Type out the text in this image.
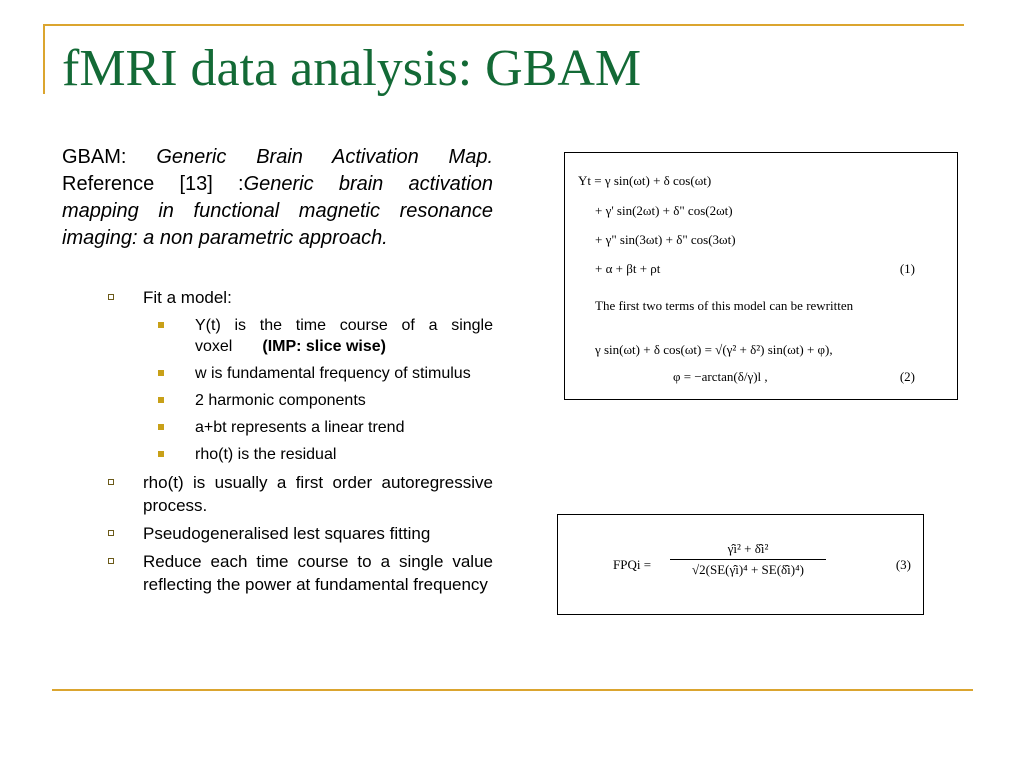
fMRI data analysis: GBAM
GBAM: Generic Brain Activation Map. Reference [13] :Generic brain activation mapping in functional magnetic resonance imaging: a non parametric approach.
Fit a model:
Y(t) is the time course of a single voxel (IMP: slice wise)
w is fundamental frequency of stimulus
2 harmonic components
a+bt represents a linear trend
rho(t) is the residual
rho(t) is usually a first order autoregressive process.
Pseudogeneralised lest squares fitting
Reduce each time course to a single value reflecting the power at fundamental frequency
Yt = γ sin(ωt) + δ cos(ωt)
+ γ' sin(2ωt) + δ" cos(2ωt)
+ γ" sin(3ωt) + δ" cos(3ωt)
+ α + βt + ρt	(1)
The first two terms of this model can be rewritten
γ sin(ωt) + δ cos(ωt) = √(γ² + δ²) sin(ωt) + φ),
φ = −arctan(δ/γ)l ,	(2)
FPQi =
γ̂i² + δ̂i²
√2(SE(γ̂i)⁴ + SE(δ̂i)⁴)	(3)
